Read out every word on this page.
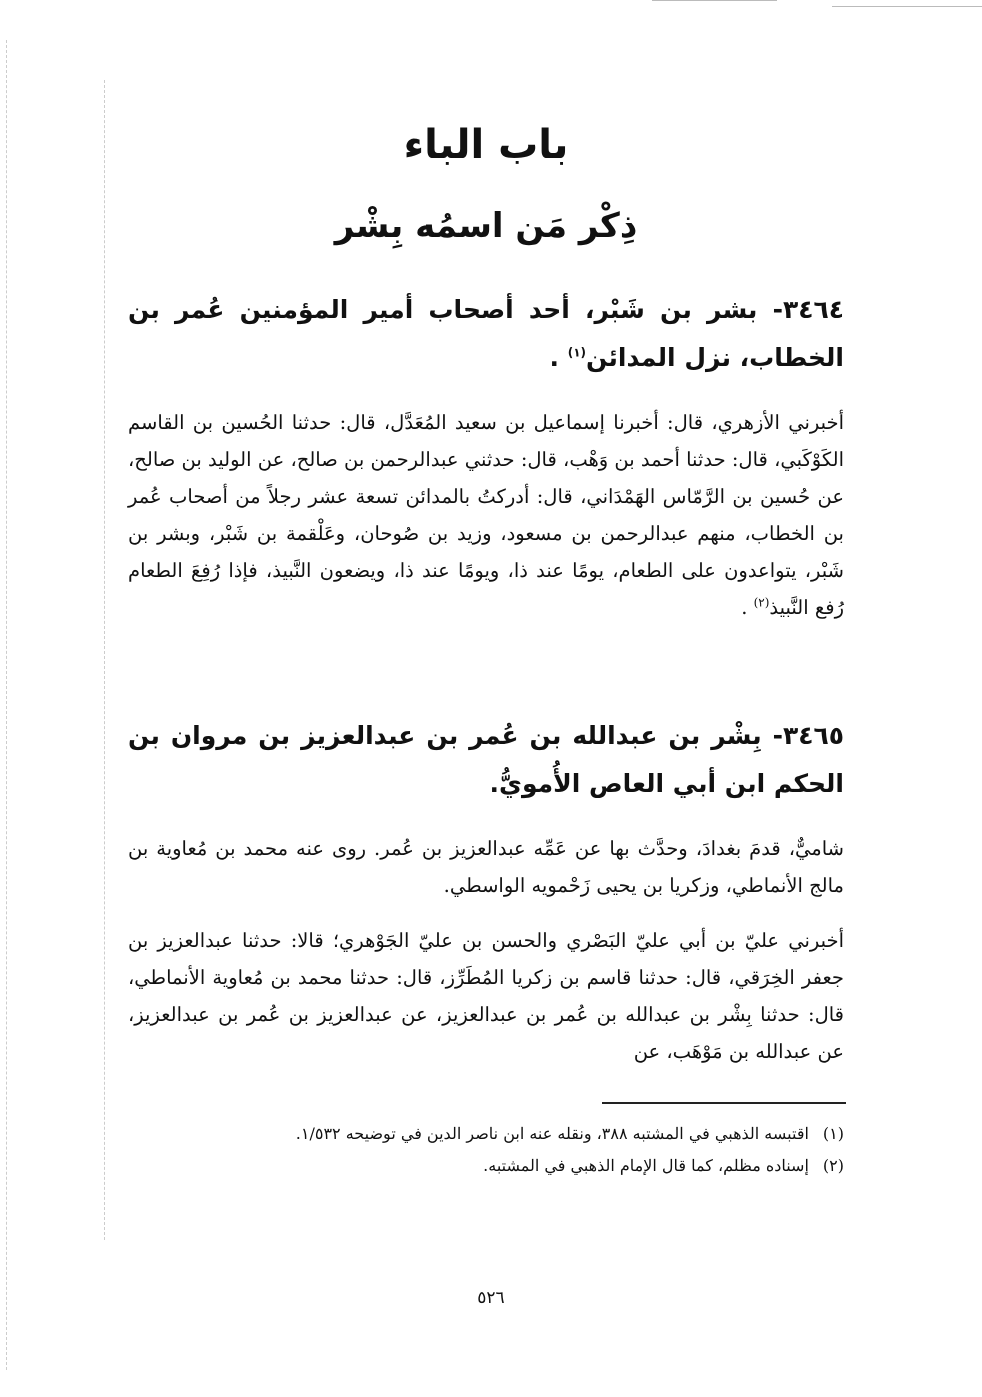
باب الباء
ذِكْر مَن اسمُه بِشْر
٣٤٦٤- بشر بن شَبْر، أحد أصحاب أمير المؤمنين عُمر بن الخطاب، نزل المدائن$^{(١)}$ .
أخبرني الأزهري، قال: أخبرنا إسماعيل بن سعيد المُعَدَّل، قال: حدثنا الحُسين بن القاسم الكَوْكَبي، قال: حدثنا أحمد بن وَهْب، قال: حدثني عبدالرحمن بن صالح، عن الوليد بن صالح، عن حُسين بن الرَّمّاس الهَمْدَاني، قال: أدركتُ بالمدائن تسعة عشر رجلاً من أصحاب عُمر بن الخطاب، منهم عبدالرحمن بن مسعود، وزيد بن صُوحان، وعَلْقمة بن شَبْر، وبشر بن شَبْر، يتواعدون على الطعام، يومًا عند ذا، ويومًا عند ذا، ويضعون النَّبيذ، فإذا رُفِعَ الطعام رُفع النَّبيذ$^{(٢)}$ .
٣٤٦٥- بِشْر بن عبدالله بن عُمر بن عبدالعزيز بن مروان بن الحكم ابن أبي العاص الأُمويُّ.
شاميٌّ، قدمَ بغدادَ، وحدَّث بها عن عَمِّه عبدالعزيز بن عُمر. روى عنه محمد بن مُعاوية بن مالج الأنماطي، وزكريا بن يحيى زَحْمويه الواسطي.
أخبرني عليّ بن أبي عليّ البَصْري والحسن بن عليّ الجَوْهري؛ قالا: حدثنا عبدالعزيز بن جعفر الخِرَقي، قال: حدثنا قاسم بن زكريا المُطَرِّز، قال: حدثنا محمد بن مُعاوية الأنماطي، قال: حدثنا بِشْر بن عبدالله بن عُمر بن عبدالعزيز، عن عبدالعزيز بن عُمر بن عبدالعزيز، عن عبدالله بن مَوْهَب، عن
(١)اقتبسه الذهبي في المشتبه ٣٨٨، ونقله عنه ابن ناصر الدين في توضيحه ١/٥٣٢.
(٢)إسناده مظلم، كما قال الإمام الذهبي في المشتبه.
٥٢٦
